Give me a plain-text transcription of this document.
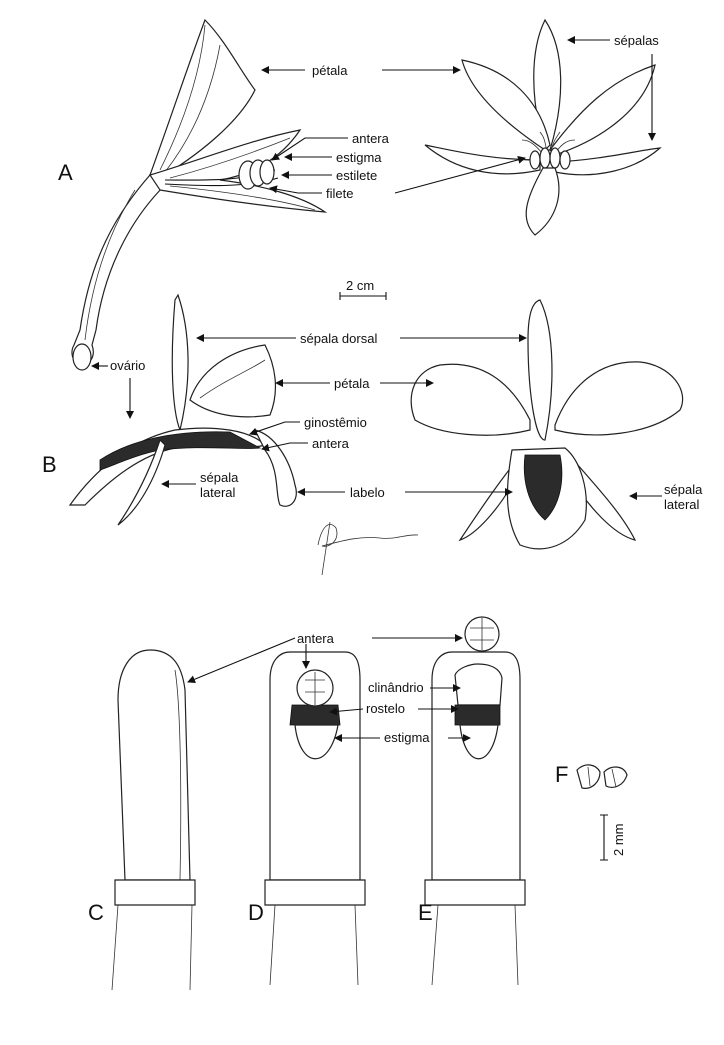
A
B
C	D	E
F
pétala
sépalas
antera
estigma
estilete
filete
2 cm
sépala dorsal
ovário
pétala
ginostêmio
antera
sépala
lateral	labelo	sépala
lateral
antera
clinândrio
rostelo
estigma
2 mm
